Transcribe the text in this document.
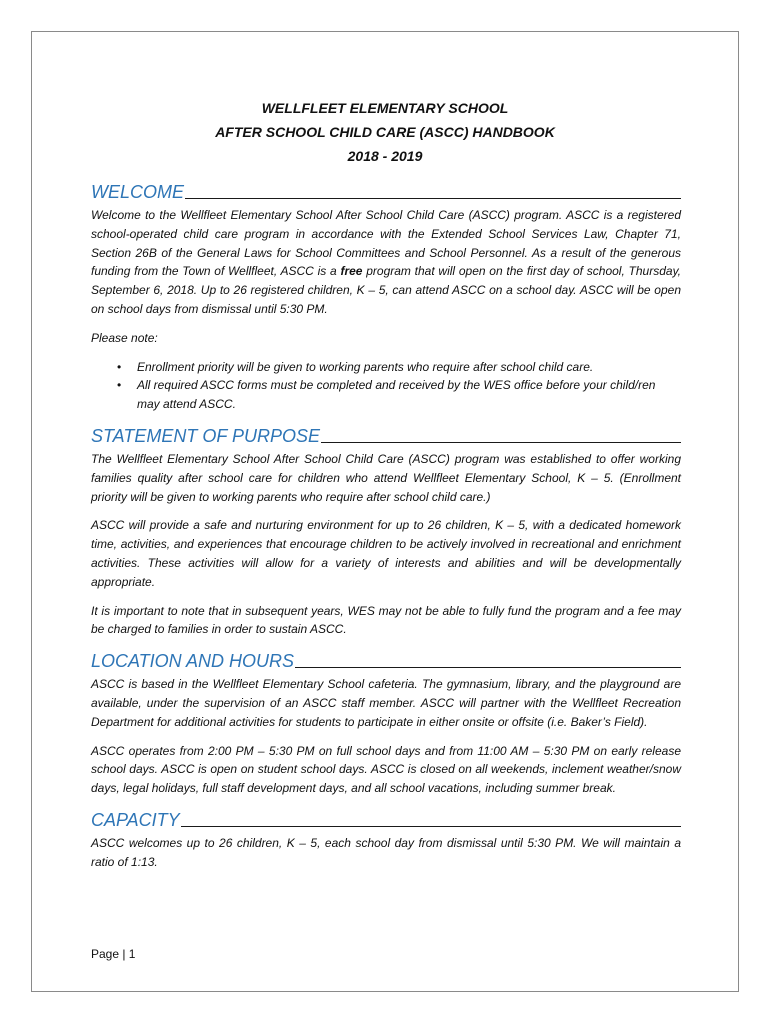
WELLFLEET ELEMENTARY SCHOOL
AFTER SCHOOL CHILD CARE (ASCC) HANDBOOK
2018 - 2019
WELCOME

Welcome to the Wellfleet Elementary School After School Child Care (ASCC) program. ASCC is a registered school-operated child care program in accordance with the Extended School Services Law, Chapter 71, Section 26B of the General Laws for School Committees and School Personnel. As a result of the generous funding from the Town of Wellfleet, ASCC is a free program that will open on the first day of school, Thursday, September 6, 2018. Up to 26 registered children, K – 5, can attend ASCC on a school day. ASCC will be open on school days from dismissal until 5:30 PM.

Please note:

• Enrollment priority will be given to working parents who require after school child care.
• All required ASCC forms must be completed and received by the WES office before your child/ren may attend ASCC.
STATEMENT OF PURPOSE

The Wellfleet Elementary School After School Child Care (ASCC) program was established to offer working families quality after school care for children who attend Wellfleet Elementary School, K – 5. (Enrollment priority will be given to working parents who require after school child care.)

ASCC will provide a safe and nurturing environment for up to 26 children, K – 5, with a dedicated homework time, activities, and experiences that encourage children to be actively involved in recreational and enrichment activities. These activities will allow for a variety of interests and abilities and will be developmentally appropriate.

It is important to note that in subsequent years, WES may not be able to fully fund the program and a fee may be charged to families in order to sustain ASCC.

LOCATION AND HOURS

ASCC is based in the Wellfleet Elementary School cafeteria. The gymnasium, library, and the playground are available, under the supervision of an ASCC staff member. ASCC will partner with the Wellfleet Recreation Department for additional activities for students to participate in either onsite or offsite (i.e. Baker’s Field).

ASCC operates from 2:00 PM – 5:30 PM on full school days and from 11:00 AM – 5:30 PM on early release school days. ASCC is open on student school days. ASCC is closed on all weekends, inclement weather/snow days, legal holidays, full staff development days, and all school vacations, including summer break.

CAPACITY

ASCC welcomes up to 26 children, K – 5, each school day from dismissal until 5:30 PM. We will maintain a ratio of 1:13.

Page | 1
